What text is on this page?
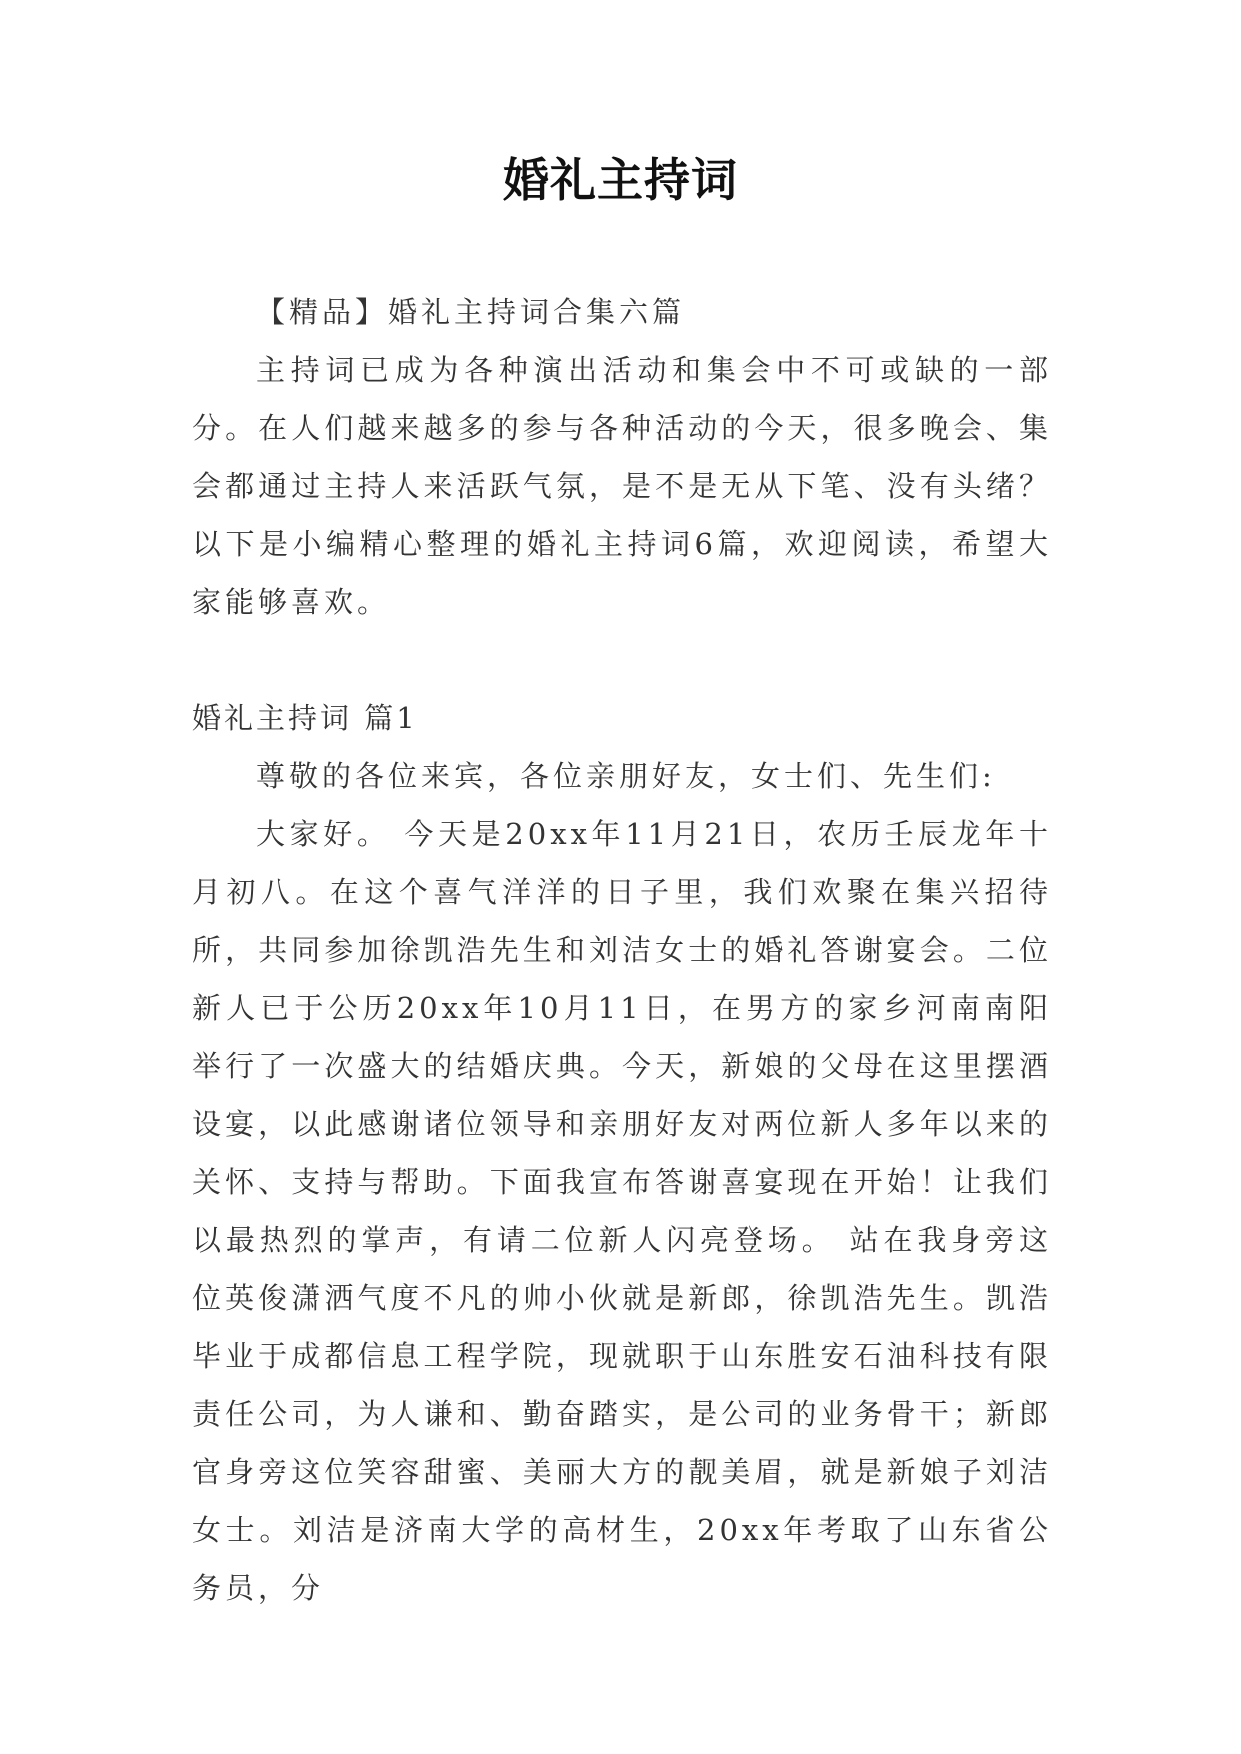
婚礼主持词

【精品】婚礼主持词合集六篇

主持词已成为各种演出活动和集会中不可或缺的一部分。在人们越来越多的参与各种活动的今天，很多晚会、集会都通过主持人来活跃气氛，是不是无从下笔、没有头绪？以下是小编精心整理的婚礼主持词6篇，欢迎阅读，希望大家能够喜欢。

婚礼主持词 篇1

尊敬的各位来宾，各位亲朋好友，女士们、先生们:

大家好。 今天是20xx年11月21日，农历壬辰龙年十月初八。在这个喜气洋洋的日子里，我们欢聚在集兴招待所，共同参加徐凯浩先生和刘洁女士的婚礼答谢宴会。二位新人已于公历20xx年10月11日，在男方的家乡河南南阳举行了一次盛大的结婚庆典。今天，新娘的父母在这里摆酒设宴，以此感谢诸位领导和亲朋好友对两位新人多年以来的关怀、支持与帮助。下面我宣布答谢喜宴现在开始！让我们以最热烈的掌声，有请二位新人闪亮登场。 站在我身旁这位英俊潇洒气度不凡的帅小伙就是新郎，徐凯浩先生。凯浩毕业于成都信息工程学院，现就职于山东胜安石油科技有限责任公司，为人谦和、勤奋踏实，是公司的业务骨干；新郎官身旁这位笑容甜蜜、美丽大方的靓美眉，就是新娘子刘洁女士。刘洁是济南大学的高材生，20xx年考取了山东省公务员，分
